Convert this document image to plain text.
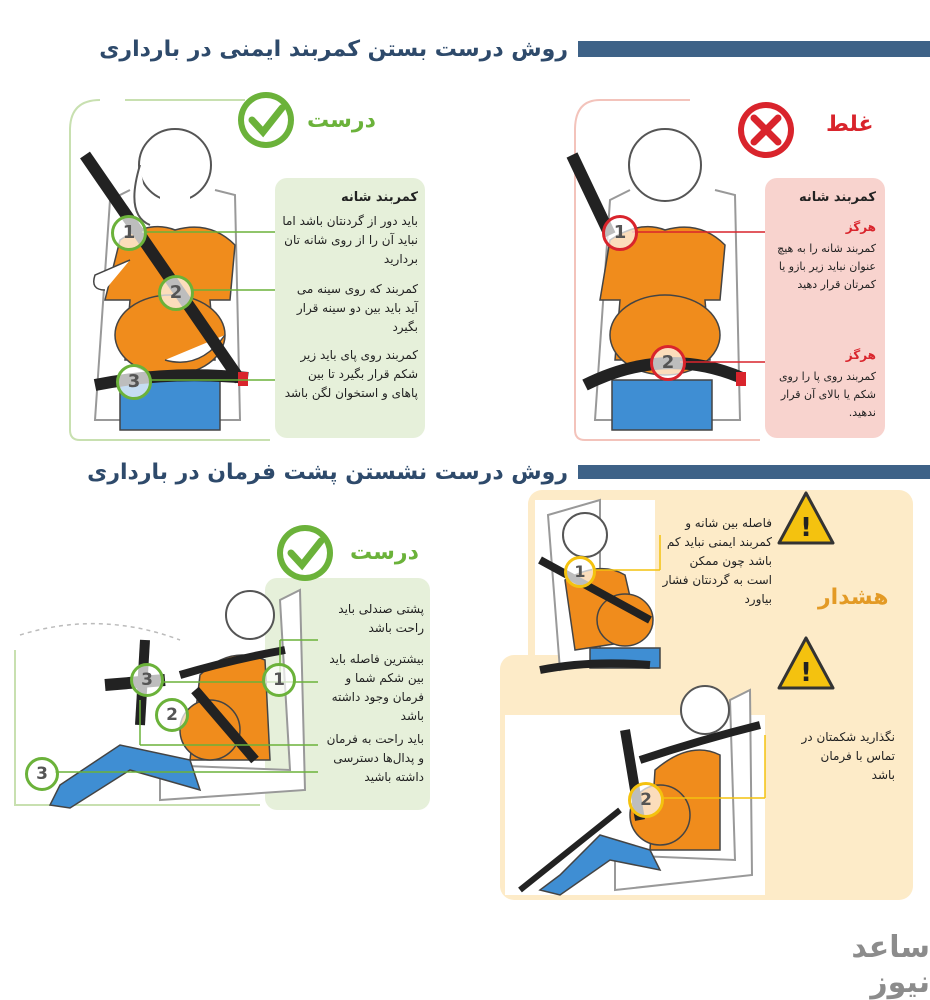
روش درست بستن کمربند ایمنی در بارداری
!
!
1
2
3
1
2
1
2
3
3
1
2
درست
کمربند شانه
باید دور از گردنتان باشد اما نباید آن را از روی شانه تان بردارید
کمربند که روی سینه می آید باید بین دو سینه قرار بگیرد
کمربند روی پای باید زیر شکم قرار بگیرد تا بین پاهای و استخوان لگن باشد
غلط
کمربند شانه
هرگز
کمربند شانه را به هیچ عنوان نباید زیر بازو یا کمرتان قرار دهید
هرگز
کمربند روی پا را روی شکم یا بالای آن قرار ندهید.
روش درست نشستن پشت فرمان در بارداری
درست
پشتی صندلی باید راحت باشد
بیشترین فاصله باید بین شکم شما و فرمان وجود داشته باشد
باید راحت به فرمان و پدال‌ها دسترسی داشته باشید
هشدار
فاصله بین شانه و کمربند ایمنی نباید کم باشد چون ممکن است به گردنتان فشار بیاورد
نگذارید شکمتان در تماس با فرمان باشد
ساعد نیوز
